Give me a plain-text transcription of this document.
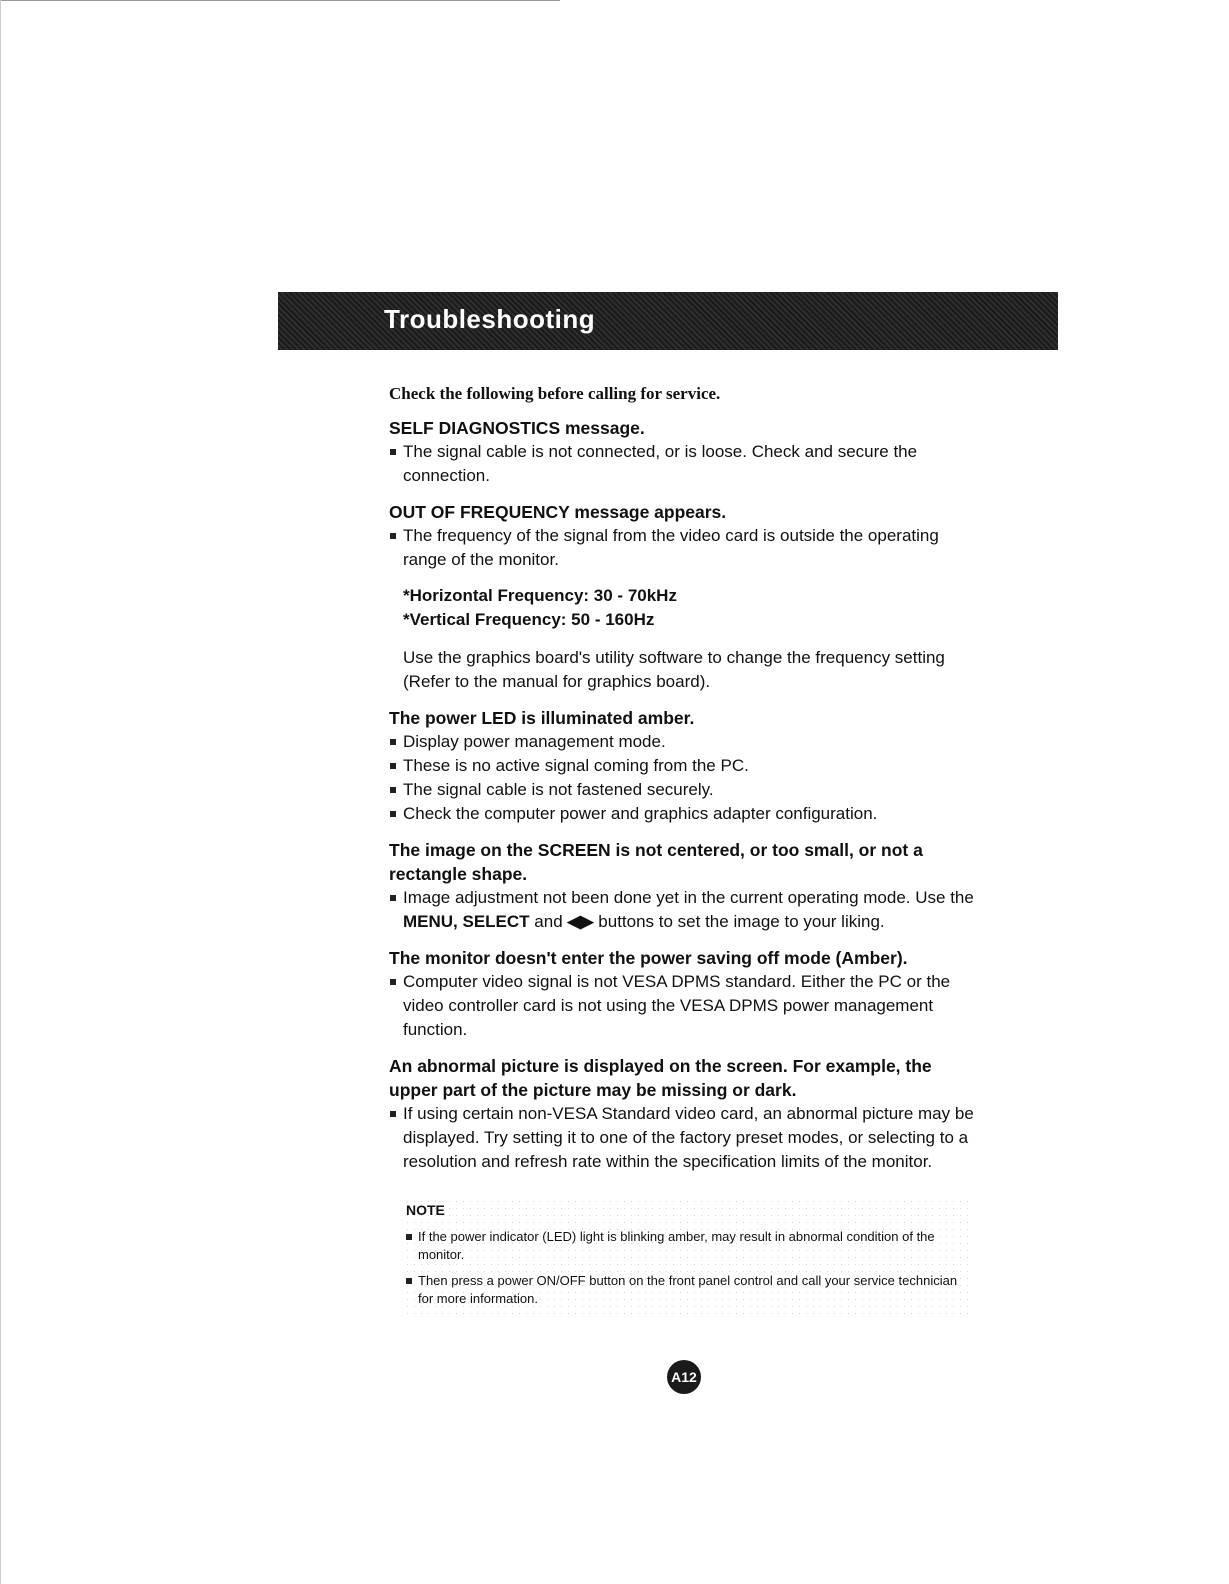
Troubleshooting
Check the following before calling for service.
SELF DIAGNOSTICS message.
The signal cable is not connected, or is loose. Check and secure the connection.
OUT OF FREQUENCY message appears.
The frequency of the signal from the video card is outside the operating range of the monitor.
*Horizontal Frequency: 30 - 70kHz
*Vertical Frequency: 50 - 160Hz
Use the graphics board's utility software to change the frequency setting (Refer to the manual for graphics board).
The power LED is illuminated amber.
Display power management mode.
These is no active signal coming from the PC.
The signal cable is not fastened securely.
Check the computer power and graphics adapter configuration.
The image on the SCREEN is not centered, or too small, or not a rectangle shape.
Image adjustment not been done yet in the current operating mode. Use the MENU, SELECT and ◀▶ buttons to set the image to your liking.
The monitor doesn't enter the power saving off mode (Amber).
Computer video signal is not VESA DPMS standard. Either the PC or the video controller card is not using the VESA DPMS power management function.
An abnormal picture is displayed on the screen. For example, the upper part of the picture may be missing or dark.
If using certain non-VESA Standard video card, an abnormal picture may be displayed. Try setting it to one of the factory preset modes, or selecting to a resolution and refresh rate within the specification limits of the monitor.
NOTE
If the power indicator (LED) light is blinking amber, may result in abnormal condition of the monitor.
Then press a power ON/OFF button on the front panel control and call your service technician for more information.
A12
